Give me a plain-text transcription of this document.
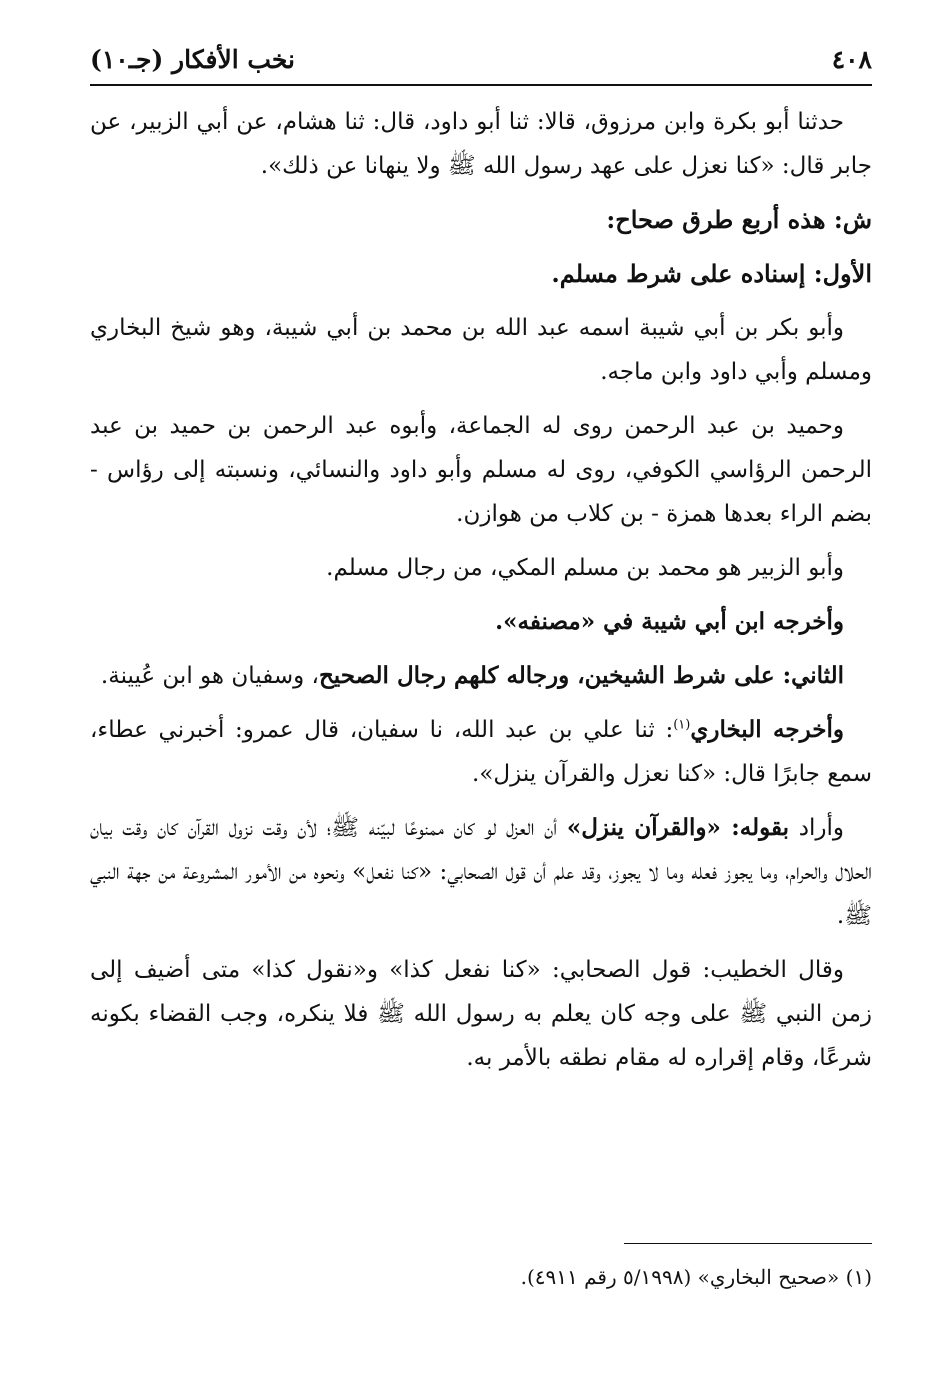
٤٠٨
نخب الأفكار (جـ١٠)

حدثنا أبو بكرة وابن مرزوق، قالا: ثنا أبو داود، قال: ثنا هشام، عن أبي الزبير، عن جابر قال: «كنا نعزل على عهد رسول الله ﷺ ولا ينهانا عن ذلك».

ش: هذه أربع طرق صحاح:

الأول: إسناده على شرط مسلم.

وأبو بكر بن أبي شيبة اسمه عبد الله بن محمد بن أبي شيبة، وهو شيخ البخاري ومسلم وأبي داود وابن ماجه.

وحميد بن عبد الرحمن روى له الجماعة، وأبوه عبد الرحمن بن حميد بن عبد الرحمن الرؤاسي الكوفي، روى له مسلم وأبو داود والنسائي، ونسبته إلى رؤاس - بضم الراء بعدها همزة - بن كلاب من هوازن.

وأبو الزبير هو محمد بن مسلم المكي، من رجال مسلم.

وأخرجه ابن أبي شيبة في «مصنفه».

الثاني: على شرط الشيخين، ورجاله كلهم رجال الصحيح، وسفيان هو ابن عُيينة.

وأخرجه البخاري$^{(١)}$: ثنا علي بن عبد الله، نا سفيان، قال عمرو: أخبرني عطاء، سمع جابرًا قال: «كنا نعزل والقرآن ينزل».

وأراد بقوله: «والقرآن ينزل» أن العزل لو كان ممنوعًا لبيّنه ﷺ؛ لأن وقت نزول القرآن كان وقت بيان الحلال والحرام، وما يجوز فعله وما لا يجوز، وقد علم أن قول الصحابي: «كنا نفعل» ونحوه من الأمور المشروعة من جهة النبي ﷺ.

وقال الخطيب: قول الصحابي: «كنا نفعل كذا» و«نقول كذا» متى أضيف إلى زمن النبي ﷺ على وجه كان يعلم به رسول الله ﷺ فلا ينكره، وجب القضاء بكونه شرعًا، وقام إقراره له مقام نطقه بالأمر به.

(١) «صحيح البخاري» (٥/١٩٩٨ رقم ٤٩١١).
